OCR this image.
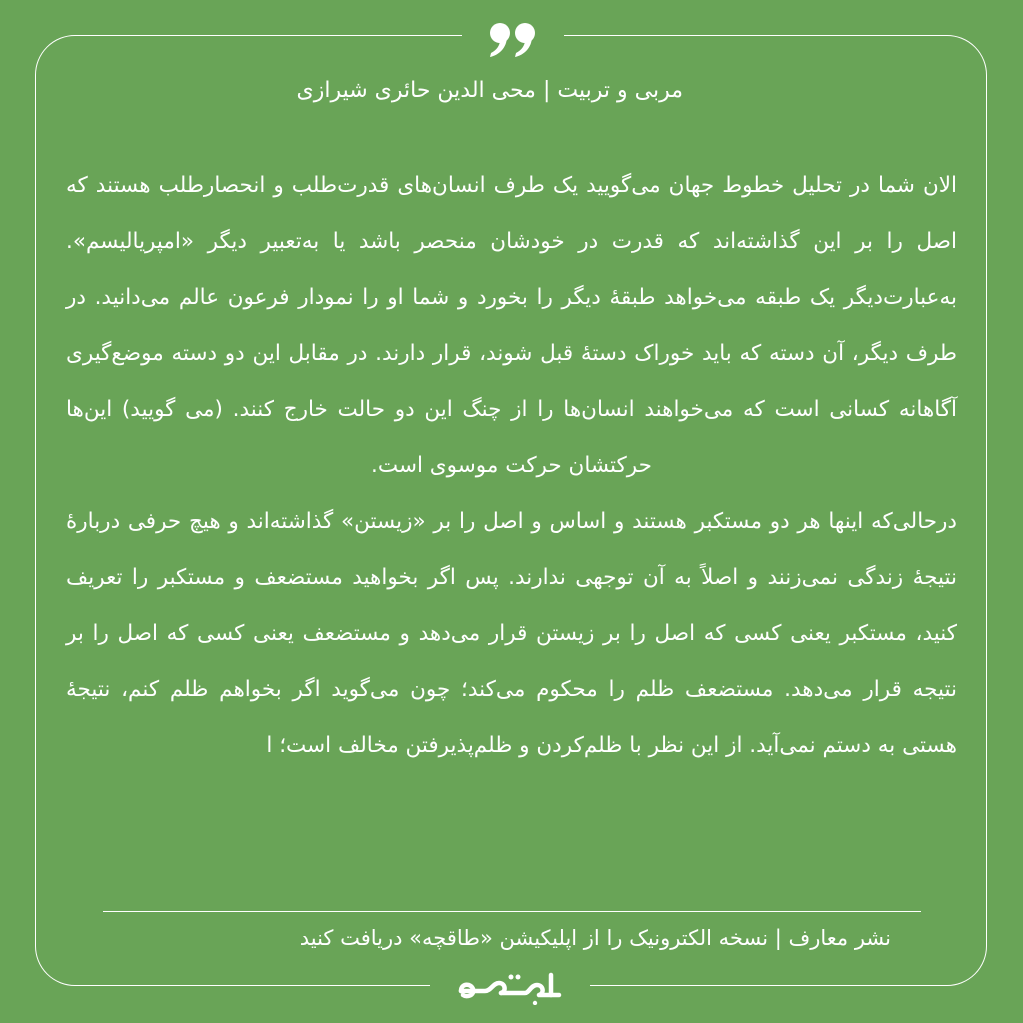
مربی و تربیت | محی الدین حائری شیرازی

الان شما در تحلیل خطوط جهان می‌گویید یک طرف انسان‌های قدرت‌طلب و انحصارطلب هستند که اصل را بر این گذاشته‌اند که قدرت در خودشان منحصر باشد یا به‌تعبیر دیگر «امپریالیسم». به‌عبارت‌دیگر یک طبقه می‌خواهد طبقهٔ دیگر را بخورد و شما او را نمودار فرعون عالم می‌دانید. در طرف دیگر، آن دسته که باید خوراک دستهٔ قبل شوند، قرار دارند. در مقابل این دو دسته موضع‌گیری آگاهانه کسانی است که می‌خواهند انسان‌ها را از چنگ این دو حالت خارج کنند. (می گویید) این‌ها حرکتشان حرکت موسوی است.

درحالی‌که اینها هر دو مستکبر هستند و اساس و اصل را بر «زیستن» گذاشته‌اند و هیچ حرفی دربارهٔ نتیجهٔ زندگی نمی‌زنند و اصلاً به آن توجهی ندارند. پس اگر بخواهید مستضعف و مستکبر را تعریف کنید، مستکبر یعنی کسی که اصل را بر زیستن قرار می‌دهد و مستضعف یعنی کسی که اصل را بر نتیجه قرار می‌دهد. مستضعف ظلم را محکوم می‌کند؛ چون می‌گوید اگر بخواهم ظلم کنم، نتیجهٔ هستی به دستم نمی‌آید. از این نظر با ظلم‌کردن و ظلم‌پذیرفتن مخالف است؛ ا

نشر معارف | نسخه الکترونیک را از اپلیکیشن «طاقچه» دریافت کنید
